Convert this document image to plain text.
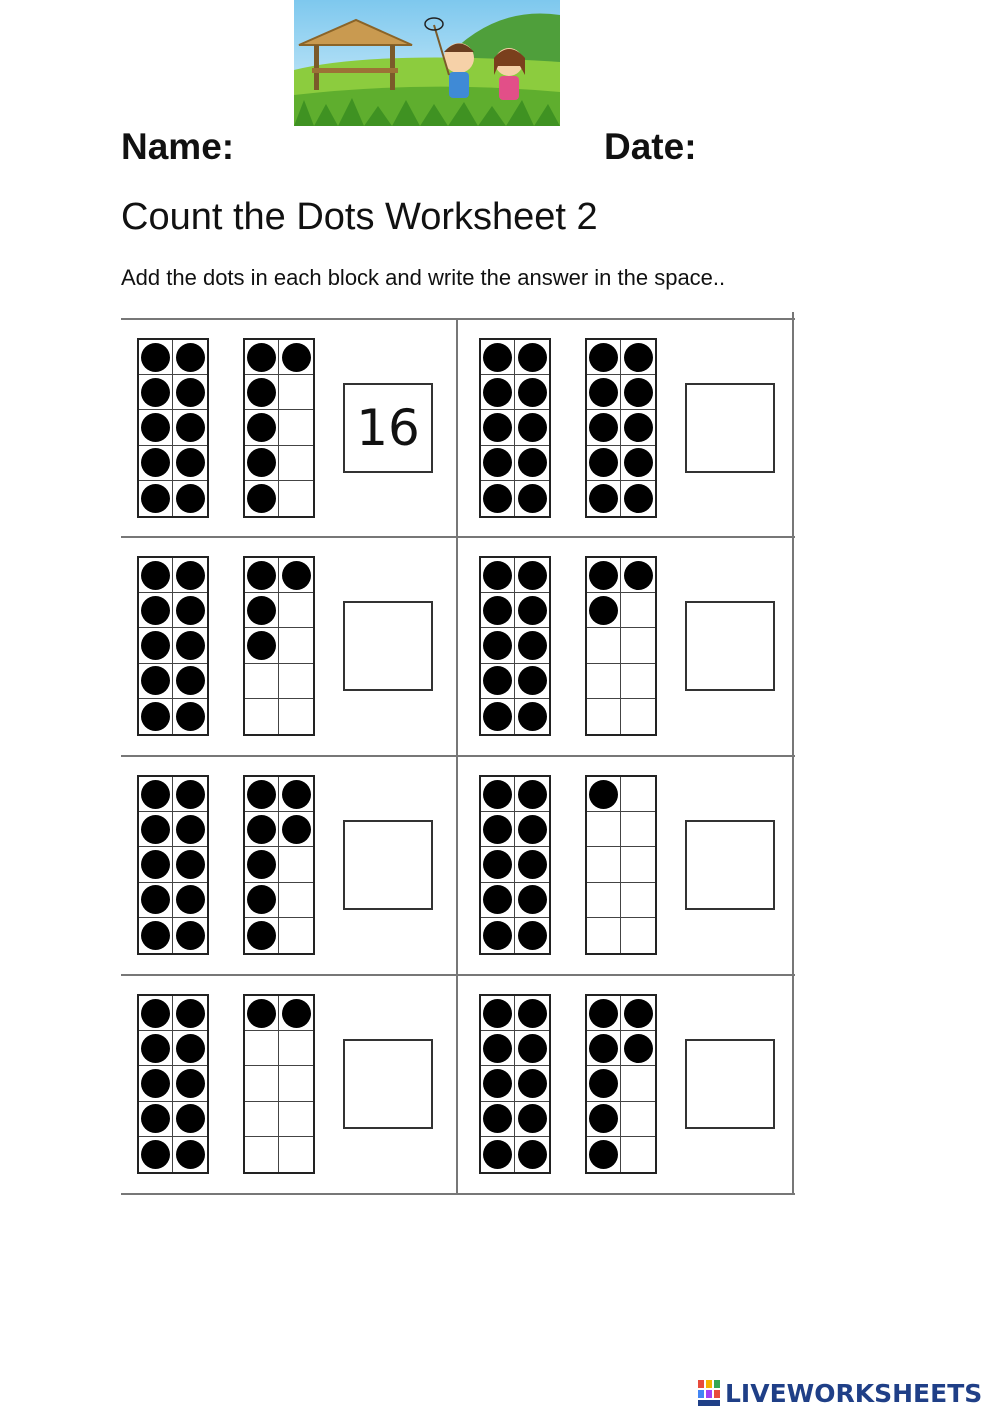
Name:	Date:
Count the Dots Worksheet 2
Add the dots in each block and write the answer in the space..
16
LIVEWORKSHEETS
